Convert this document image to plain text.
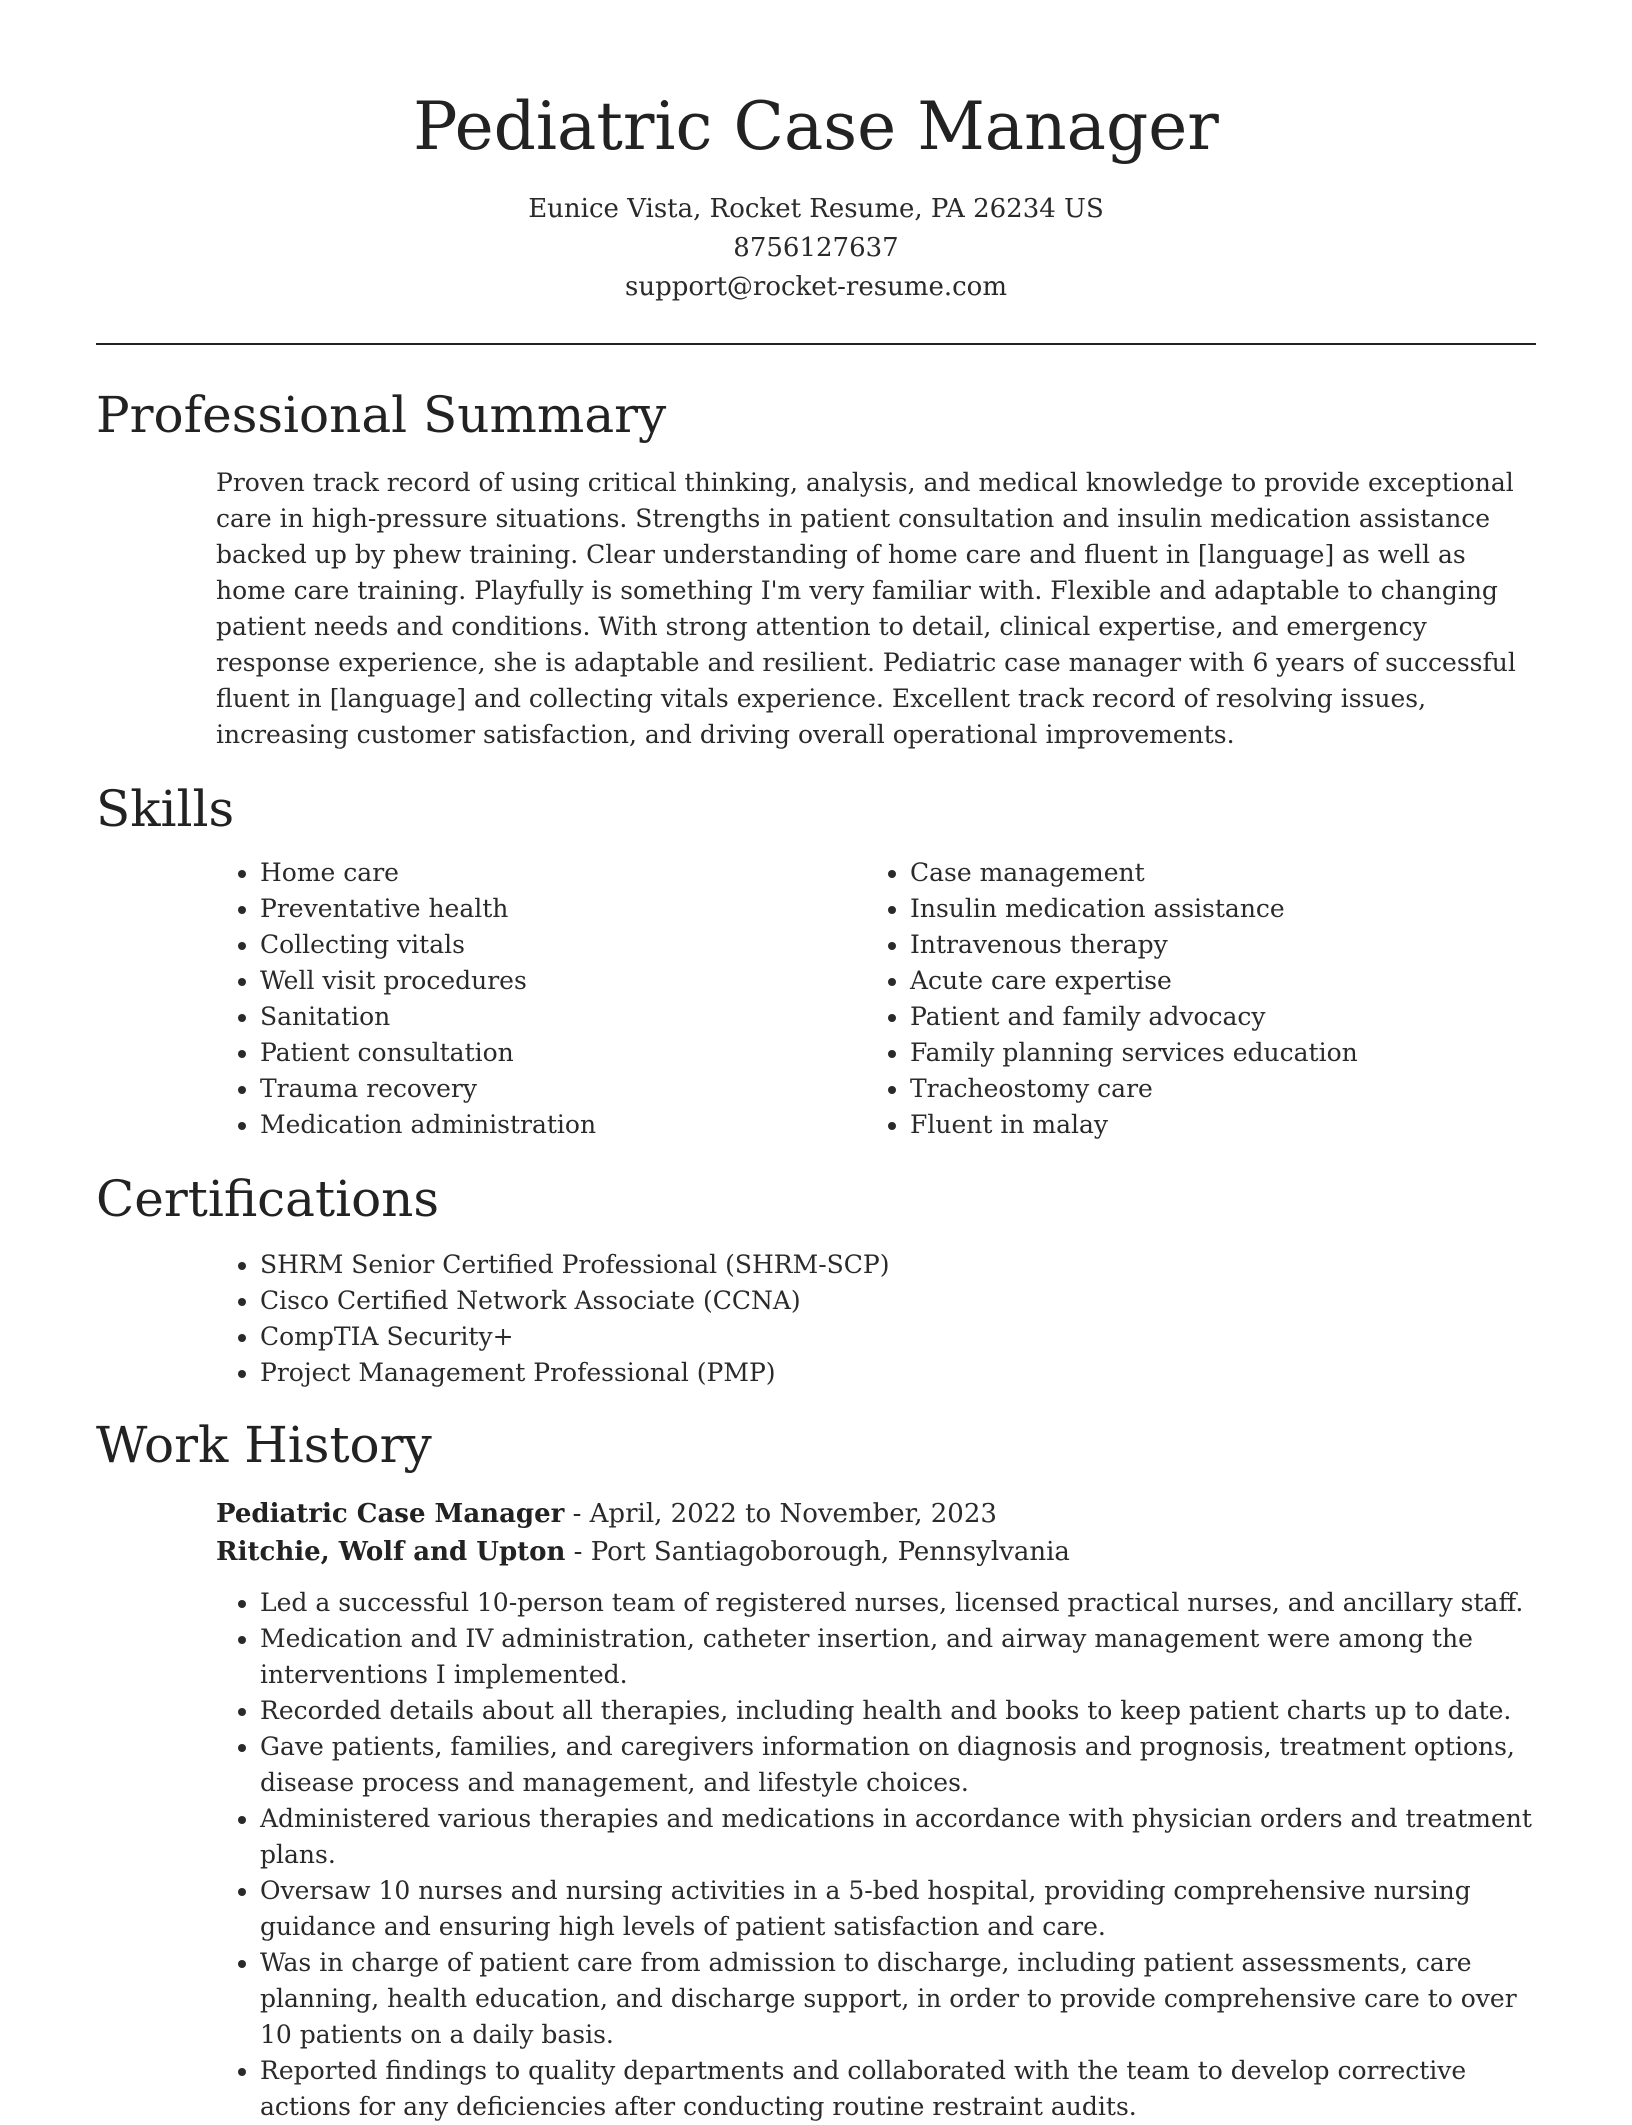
Pediatric Case Manager
Eunice Vista, Rocket Resume, PA 26234 US
8756127637
support@rocket-resume.com
Professional Summary

Proven track record of using critical thinking, analysis, and medical knowledge to provide exceptional care in high-pressure situations. Strengths in patient consultation and insulin medication assistance backed up by phew training. Clear understanding of home care and fluent in [language] as well as home care training. Playfully is something I'm very familiar with. Flexible and adaptable to changing patient needs and conditions. With strong attention to detail, clinical expertise, and emergency response experience, she is adaptable and resilient. Pediatric case manager with 6 years of successful fluent in [language] and collecting vitals experience. Excellent track record of resolving issues, increasing customer satisfaction, and driving overall operational improvements.

Skills
• Home care
• Preventative health
• Collecting vitals
• Well visit procedures
• Sanitation
• Patient consultation
• Trauma recovery
• Medication administration
• Case management
• Insulin medication assistance
• Intravenous therapy
• Acute care expertise
• Patient and family advocacy
• Family planning services education
• Tracheostomy care
• Fluent in malay
Certifications
• SHRM Senior Certified Professional (SHRM-SCP)
• Cisco Certified Network Associate (CCNA)
• CompTIA Security+
• Project Management Professional (PMP)
Work History
Pediatric Case Manager - April, 2022 to November, 2023
Ritchie, Wolf and Upton - Port Santiagoborough, Pennsylvania
• Led a successful 10-person team of registered nurses, licensed practical nurses, and ancillary staff.
• Medication and IV administration, catheter insertion, and airway management were among the interventions I implemented.
• Recorded details about all therapies, including health and books to keep patient charts up to date.
• Gave patients, families, and caregivers information on diagnosis and prognosis, treatment options, disease process and management, and lifestyle choices.
• Administered various therapies and medications in accordance with physician orders and treatment plans.
• Oversaw 10 nurses and nursing activities in a 5-bed hospital, providing comprehensive nursing guidance and ensuring high levels of patient satisfaction and care.
• Was in charge of patient care from admission to discharge, including patient assessments, care planning, health education, and discharge support, in order to provide comprehensive care to over 10 patients on a daily basis.
• Reported findings to quality departments and collaborated with the team to develop corrective actions for any deficiencies after conducting routine restraint audits.
